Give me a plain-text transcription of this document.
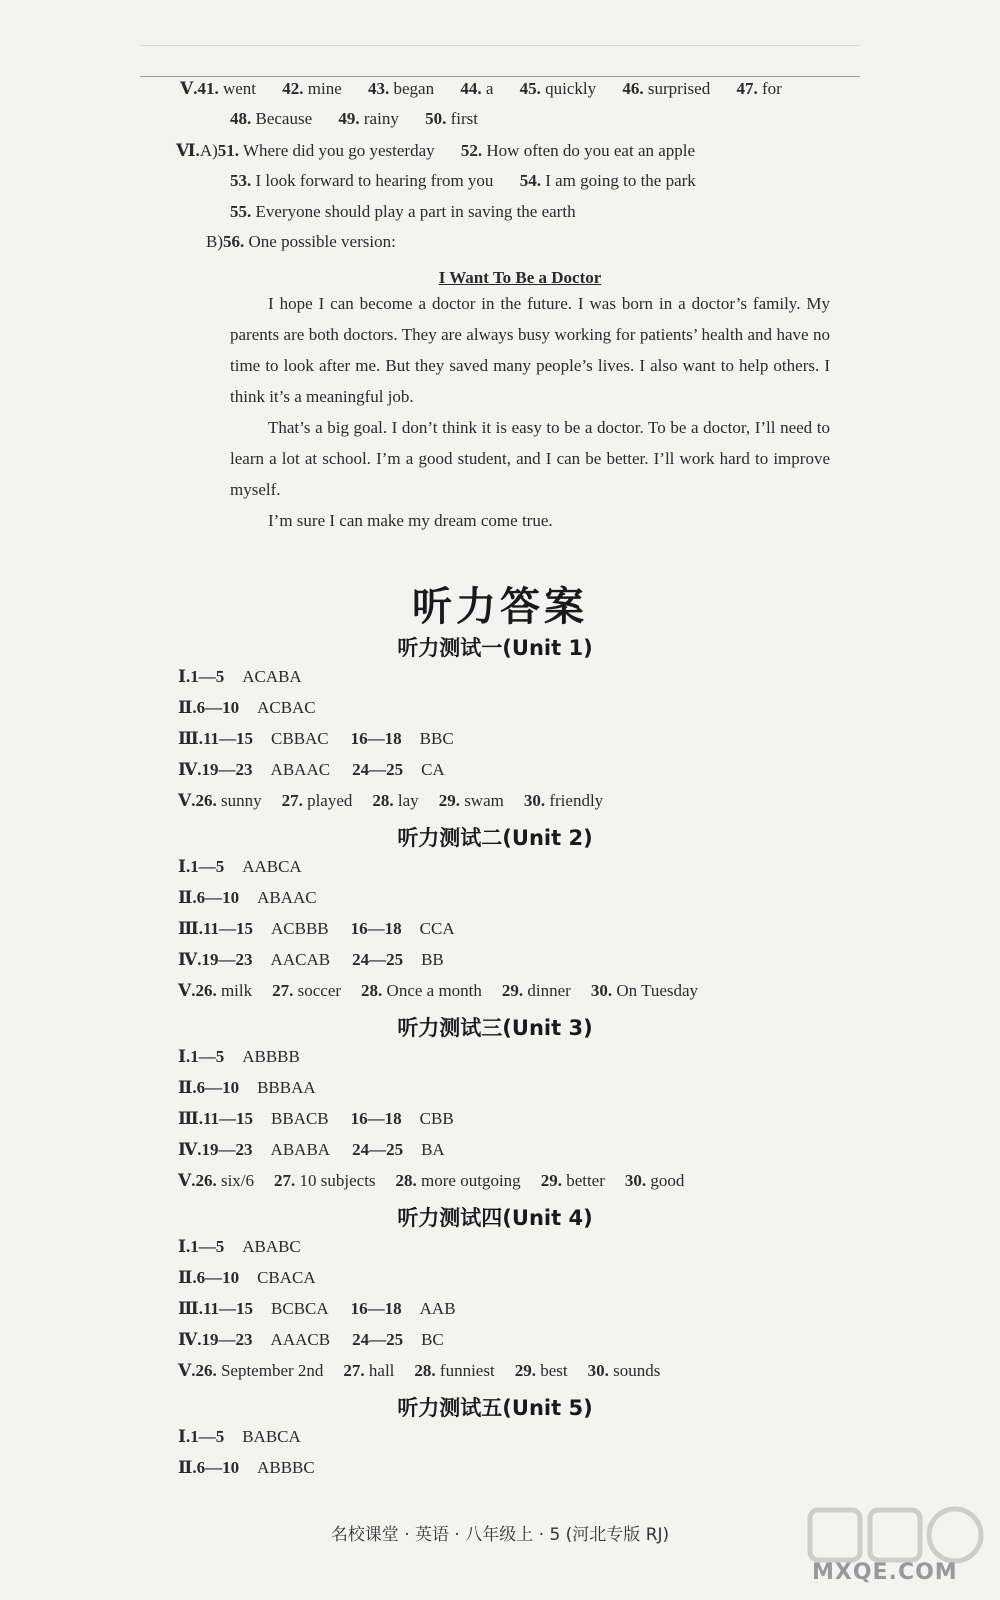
Ⅴ.41. went 42. mine 43. began 44. a 45. quickly 46. surprised 47. for
48. Because 49. rainy 50. first
Ⅵ.A)51. Where did you go yesterday 52. How often do you eat an apple
53. I look forward to hearing from you 54. I am going to the park
55. Everyone should play a part in saving the earth
B)56. One possible version:
I Want To Be a Doctor

I hope I can become a doctor in the future. I was born in a doctor’s family. My parents are both doctors. They are always busy working for patients’ health and have no time to look after me. But they saved many people’s lives. I also want to help others. I think it’s a meaningful job.

That’s a big goal. I don’t think it is easy to be a doctor. To be a doctor, I’ll need to learn a lot at school. I’m a good student, and I can be better. I’ll work hard to improve myself.

I’m sure I can make my dream come true.

听力答案
听力测试一(Unit 1)
Ⅰ.1—5 ACABA
Ⅱ.6—10 ACBAC
Ⅲ.11—15 CBBAC 16—18 BBC
Ⅳ.19—23 ABAAC 24—25 CA
Ⅴ.26. sunny 27. played 28. lay 29. swam 30. friendly
听力测试二(Unit 2)
Ⅰ.1—5 AABCA
Ⅱ.6—10 ABAAC
Ⅲ.11—15 ACBBB 16—18 CCA
Ⅳ.19—23 AACAB 24—25 BB
Ⅴ.26. milk 27. soccer 28. Once a month 29. dinner 30. On Tuesday
听力测试三(Unit 3)
Ⅰ.1—5 ABBBB
Ⅱ.6—10 BBBAA
Ⅲ.11—15 BBACB 16—18 CBB
Ⅳ.19—23 ABABA 24—25 BA
Ⅴ.26. six/6 27. 10 subjects 28. more outgoing 29. better 30. good
听力测试四(Unit 4)
Ⅰ.1—5 ABABC
Ⅱ.6—10 CBACA
Ⅲ.11—15 BCBCA 16—18 AAB
Ⅳ.19—23 AAACB 24—25 BC
Ⅴ.26. September 2nd 27. hall 28. funniest 29. best 30. sounds
听力测试五(Unit 5)
Ⅰ.1—5 BABCA
Ⅱ.6—10 ABBBC
名校课堂 · 英语 · 八年级上 · 5 (河北专版 RJ)
MXQE.COM
